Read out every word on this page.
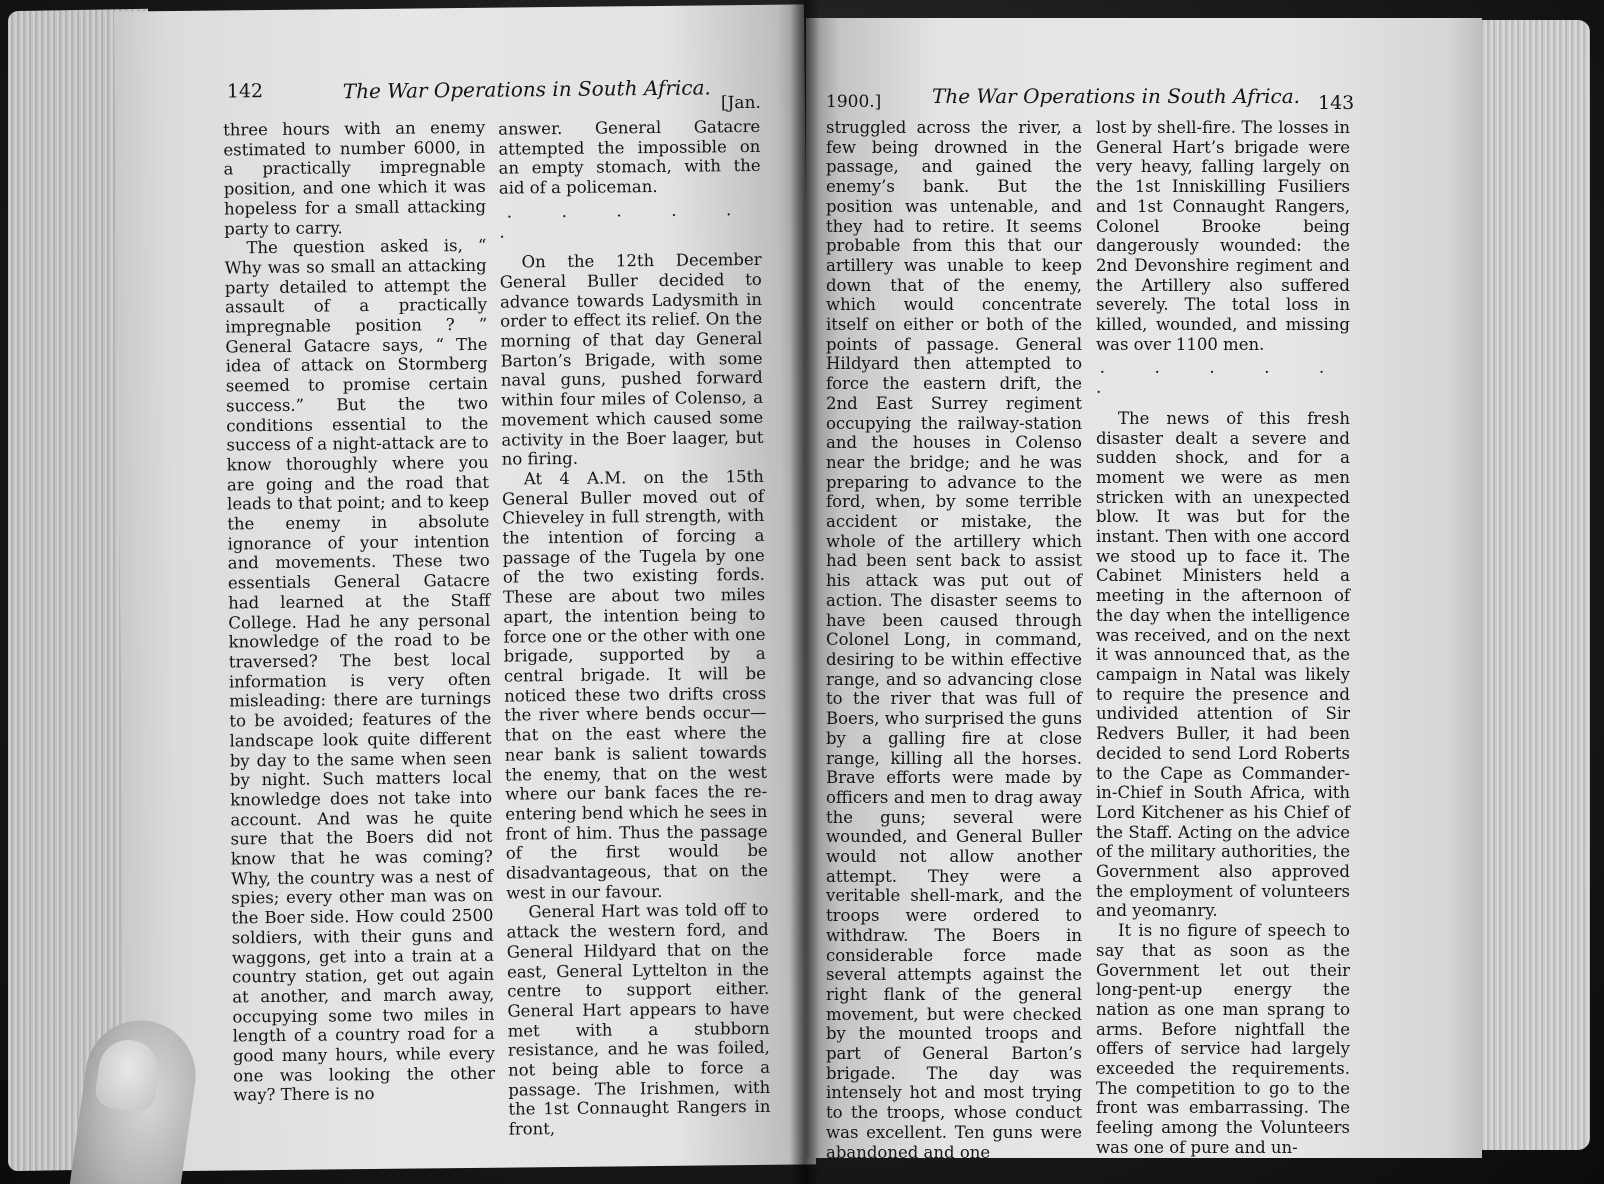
142	The War Operations in South Africa. [Jan.

three hours with an enemy estimated to number 6000, in a practically impregnable position, and one which it was hopeless for a small attacking party to carry.

The question asked is, “ Why was so small an attacking party detailed to attempt the assault of a practically impregnable position ? ” General Gatacre says, “ The idea of attack on Stormberg seemed to promise certain success.” But the two conditions essential to the success of a night-attack are to know thoroughly where you are going and the road that leads to that point; and to keep the enemy in absolute ignorance of your intention and movements. These two essentials General Gatacre had learned at the Staff College. Had he any personal knowledge of the road to be traversed? The best local information is very often misleading: there are turnings to be avoided; features of the landscape look quite different by day to the same when seen by night. Such matters local knowledge does not take into account. And was he quite sure that the Boers did not know that he was coming? Why, the country was a nest of spies; every other man was on the Boer side. How could 2500 soldiers, with their guns and waggons, get into a train at a country station, get out again at another, and march away, occupying some two miles in length of a country road for a good many hours, while every one was looking the other way? There is no

answer. General Gatacre attempted the impossible on an empty stomach, with the aid of a policeman.

. . . . . .

On the 12th December General Buller decided to advance towards Ladysmith in order to effect its relief. On the morning of that day General Barton’s Brigade, with some naval guns, pushed forward within four miles of Colenso, a movement which caused some activity in the Boer laager, but no firing.

At 4 A.M. on the 15th General Buller moved out of Chieveley in full strength, with the intention of forcing a passage of the Tugela by one of the two existing fords. These are about two miles apart, the intention being to force one or the other with one brigade, supported by a central brigade. It will be noticed these two drifts cross the river where bends occur—that on the east where the near bank is salient towards the enemy, that on the west where our bank faces the re-entering bend which he sees in front of him. Thus the passage of the first would be disadvantageous, that on the west in our favour.

General Hart was told off to attack the western ford, and General Hildyard that on the east, General Lyttelton in the centre to support either. General Hart appears to have met with a stubborn resistance, and he was foiled, not being able to force a passage. The Irishmen, with the 1st Connaught Rangers in front,

1900.]	The War Operations in South Africa. 143

struggled across the river, a few being drowned in the passage, and gained the enemy’s bank. But the position was untenable, and they had to retire. It seems probable from this that our artillery was unable to keep down that of the enemy, which would concentrate itself on either or both of the points of passage. General Hildyard then attempted to force the eastern drift, the 2nd East Surrey regiment occupying the railway-station and the houses in Colenso near the bridge; and he was preparing to advance to the ford, when, by some terrible accident or mistake, the whole of the artillery which had been sent back to assist his attack was put out of action. The disaster seems to have been caused through Colonel Long, in command, desiring to be within effective range, and so advancing close to the river that was full of Boers, who surprised the guns by a galling fire at close range, killing all the horses. Brave efforts were made by officers and men to drag away the guns; several were wounded, and General Buller would not allow another attempt. They were a veritable shell-mark, and the troops were ordered to withdraw. The Boers in considerable force made several attempts against the right flank of the general movement, but were checked by the mounted troops and part of General Barton’s brigade. The day was intensely hot and most trying to the troops, whose conduct was excellent. Ten guns were abandoned and one

lost by shell-fire. The losses in General Hart’s brigade were very heavy, falling largely on the 1st Inniskilling Fusiliers and 1st Connaught Rangers, Colonel Brooke being dangerously wounded: the 2nd Devonshire regiment and the Artillery also suffered severely. The total loss in killed, wounded, and missing was over 1100 men.

. . . . . .

The news of this fresh disaster dealt a severe and sudden shock, and for a moment we were as men stricken with an unexpected blow. It was but for the instant. Then with one accord we stood up to face it. The Cabinet Ministers held a meeting in the afternoon of the day when the intelligence was received, and on the next it was announced that, as the campaign in Natal was likely to require the presence and undivided attention of Sir Redvers Buller, it had been decided to send Lord Roberts to the Cape as Commander-in-Chief in South Africa, with Lord Kitchener as his Chief of the Staff. Acting on the advice of the military authorities, the Government also approved the employment of volunteers and yeomanry.

It is no figure of speech to say that as soon as the Government let out their long-pent-up energy the nation as one man sprang to arms. Before nightfall the offers of service had largely exceeded the requirements. The competition to go to the front was embarrassing. The feeling among the Volunteers was one of pure and un-
